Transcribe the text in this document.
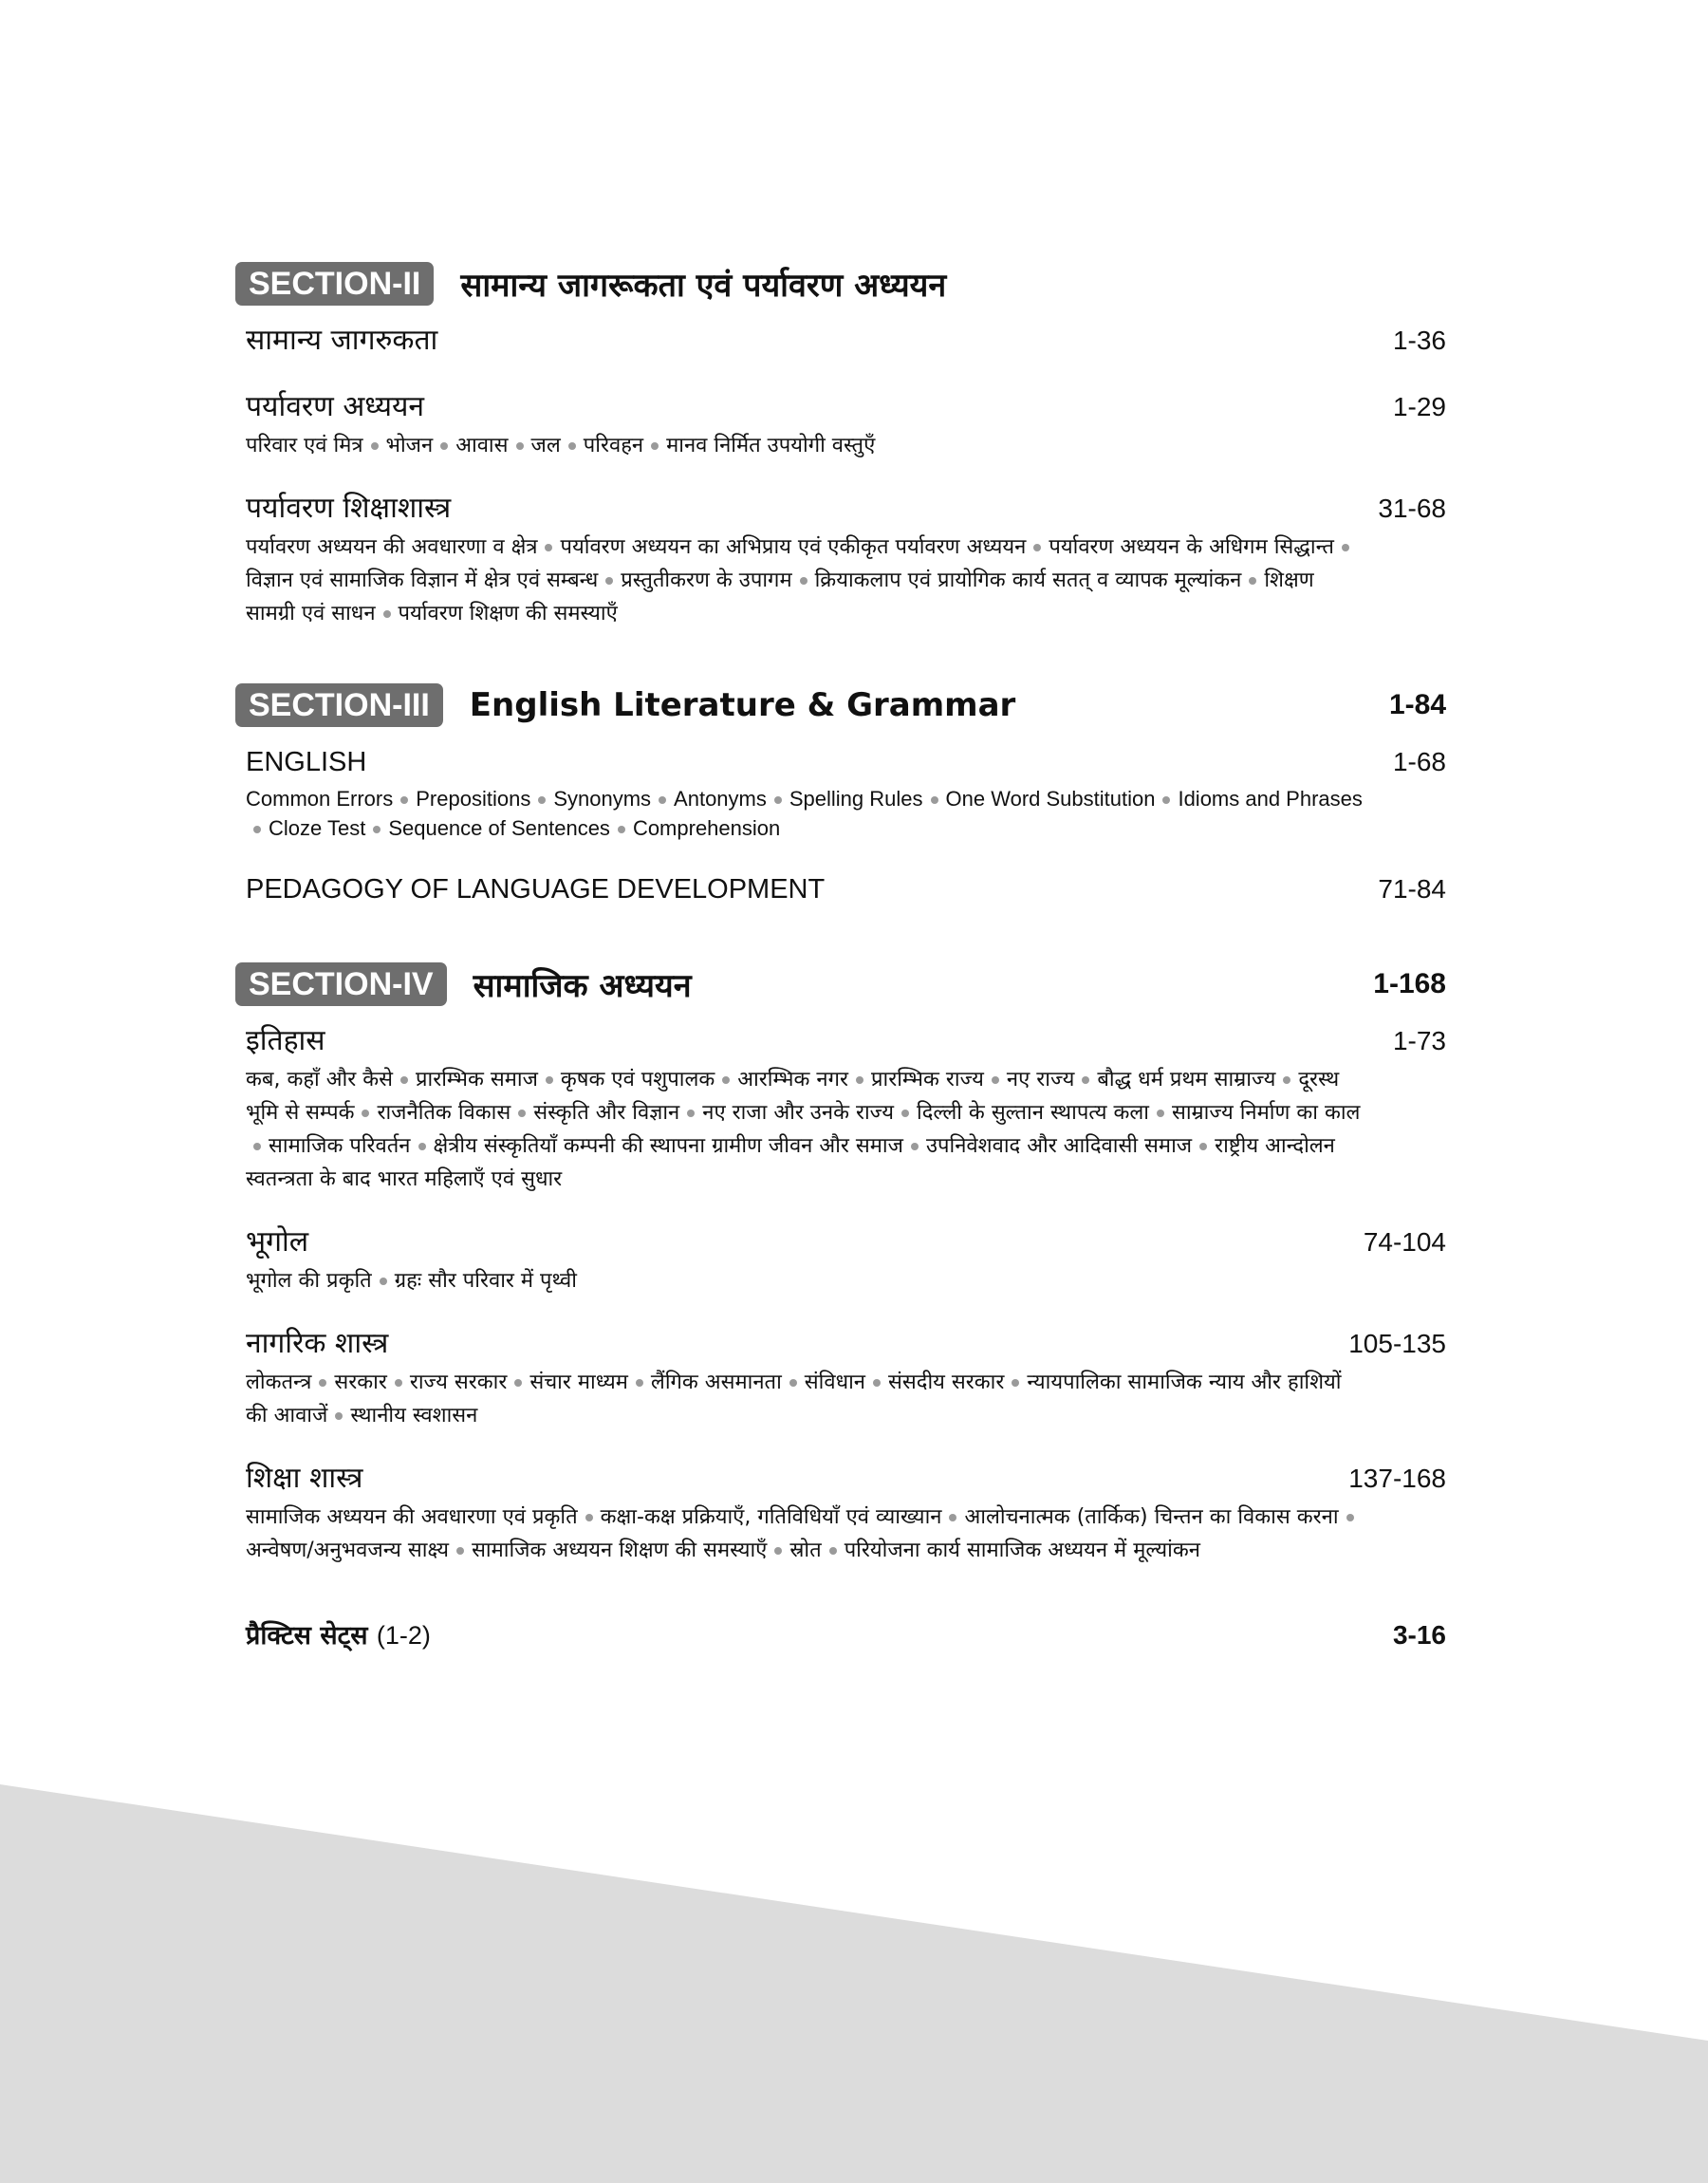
SECTION-II	सामान्य जागरूकता एवं पर्यावरण अध्ययन
सामान्य जागरुकता	1-36
पर्यावरण अध्ययन	1-29
परिवार एवं मित्र भोजन आवास जल परिवहन मानव निर्मित उपयोगी वस्तुएँ
पर्यावरण शिक्षाशास्त्र	31-68
पर्यावरण अध्ययन की अवधारणा व क्षेत्र पर्यावरण अध्ययन का अभिप्राय एवं एकीकृत पर्यावरण अध्ययन पर्यावरण अध्ययन के अधिगम सिद्धान्तविज्ञान एवं सामाजिक विज्ञान में क्षेत्र एवं सम्बन्ध प्रस्तुतीकरण के उपागम क्रियाकलाप एवं प्रायोगिक कार्य सतत् व व्यापक मूल्यांकन शिक्षण सामग्री एवं साधन पर्यावरण शिक्षण की समस्याएँ
SECTION-III	English Literature & Grammar	1-84
ENGLISH	1-68
Common Errors Prepositions Synonyms Antonyms Spelling Rules One Word Substitution Idioms and PhrasesCloze Test Sequence of Sentences Comprehension
PEDAGOGY OF LANGUAGE DEVELOPMENT	71-84
SECTION-IV	सामाजिक अध्ययन	1-168
इतिहास	1-73
कब, कहाँ और कैसे प्रारम्भिक समाज कृषक एवं पशुपालक आरम्भिक नगर प्रारम्भिक राज्य नए राज्य बौद्ध धर्म प्रथम साम्राज्य दूरस्थ भूमि से सम्पर्क राजनैतिक विकास संस्कृति और विज्ञान नए राजा और उनके राज्य दिल्ली के सुल्तान स्थापत्य कला साम्राज्य निर्माण का कालसामाजिक परिवर्तन क्षेत्रीय संस्कृतियाँ कम्पनी की स्थापना ग्रामीण जीवन और समाज उपनिवेशवाद और आदिवासी समाज राष्ट्रीय आन्दोलन स्वतन्त्रता के बाद भारत महिलाएँ एवं सुधार
भूगोल	74-104
भूगोल की प्रकृति ग्रहः सौर परिवार में पृथ्वी
नागरिक शास्त्र	105-135
लोकतन्त्र सरकार राज्य सरकार संचार माध्यम लैंगिक असमानता संविधान संसदीय सरकार न्यायपालिका सामाजिक न्याय और हाशियों की आवाजें स्थानीय स्वशासन
शिक्षा शास्त्र	137-168
सामाजिक अध्ययन की अवधारणा एवं प्रकृति कक्षा-कक्ष प्रक्रियाएँ, गतिविधियाँ एवं व्याख्यान आलोचनात्मक (तार्किक) चिन्तन का विकास करनाअन्वेषण/अनुभवजन्य साक्ष्य सामाजिक अध्ययन शिक्षण की समस्याएँ स्रोत परियोजना कार्य सामाजिक अध्ययन में मूल्यांकन
प्रैक्टिस सेट्स (1-2)	3-16
